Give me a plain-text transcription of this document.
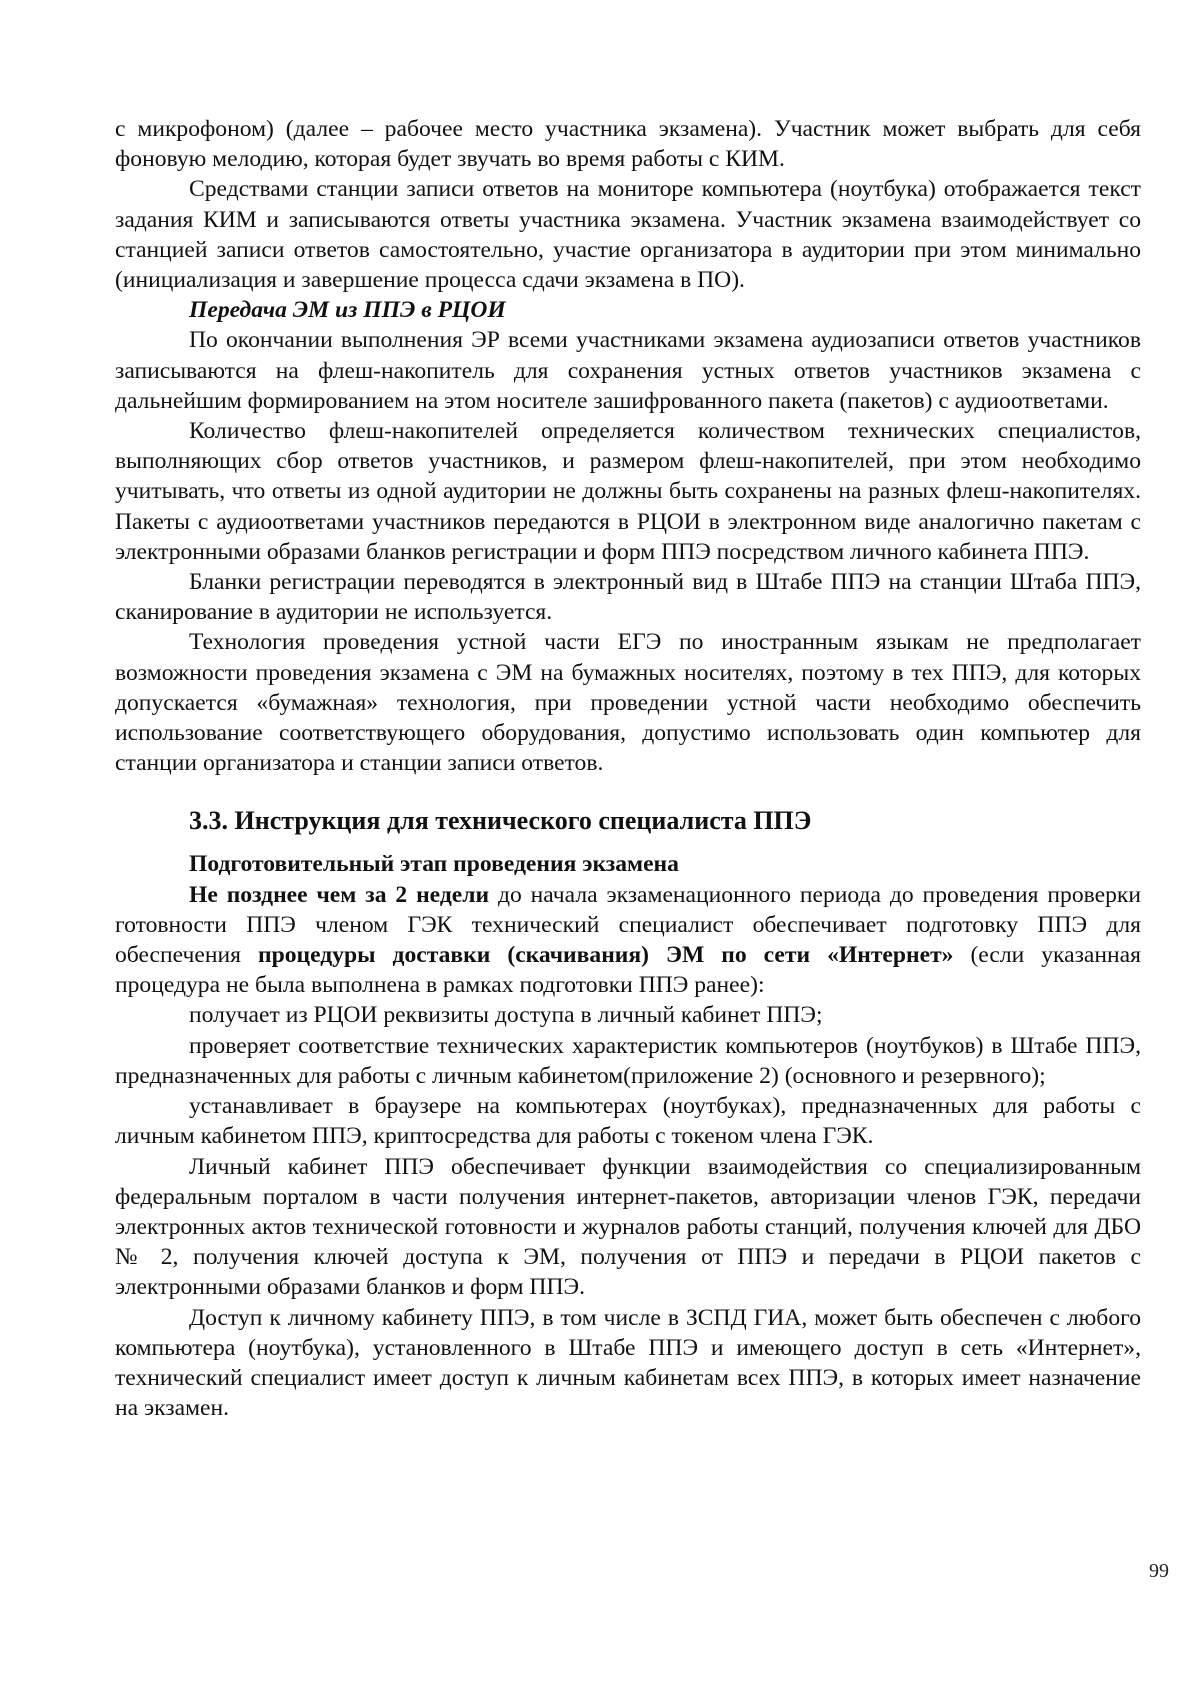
с микрофоном) (далее – рабочее место участника экзамена). Участник может выбрать для себя фоновую мелодию, которая будет звучать во время работы с КИМ.

Средствами станции записи ответов на мониторе компьютера (ноутбука) отображается текст задания КИМ и записываются ответы участника экзамена. Участник экзамена взаимодействует со станцией записи ответов самостоятельно, участие организатора в аудитории при этом минимально (инициализация и завершение процесса сдачи экзамена в ПО).

Передача ЭМ из ППЭ в РЦОИ

По окончании выполнения ЭР всеми участниками экзамена аудиозаписи ответов участников записываются на флеш-накопитель для сохранения устных ответов участников экзамена с дальнейшим формированием на этом носителе зашифрованного пакета (пакетов) с аудиоответами.

Количество флеш-накопителей определяется количеством технических специалистов, выполняющих сбор ответов участников, и размером флеш-накопителей, при этом необходимо учитывать, что ответы из одной аудитории не должны быть сохранены на разных флеш-накопителях. Пакеты с аудиоответами участников передаются в РЦОИ в электронном виде аналогично пакетам с электронными образами бланков регистрации и форм ППЭ посредством личного кабинета ППЭ.

Бланки регистрации переводятся в электронный вид в Штабе ППЭ на станции Штаба ППЭ, сканирование в аудитории не используется.

Технология проведения устной части ЕГЭ по иностранным языкам не предполагает возможности проведения экзамена с ЭМ на бумажных носителях, поэтому в тех ППЭ, для которых допускается «бумажная» технология, при проведении устной части необходимо обеспечить использование соответствующего оборудования, допустимо использовать один компьютер для станции организатора и станции записи ответов.

3.3. Инструкция для технического специалиста ППЭ
Подготовительный этап проведения экзамена

Не позднее чем за 2 недели до начала экзаменационного периода до проведения проверки готовности ППЭ членом ГЭК технический специалист обеспечивает подготовку ППЭ для обеспечения процедуры доставки (скачивания) ЭМ по сети «Интернет» (если указанная процедура не была выполнена в рамках подготовки ППЭ ранее):

получает из РЦОИ реквизиты доступа в личный кабинет ППЭ;

проверяет соответствие технических характеристик компьютеров (ноутбуков) в Штабе ППЭ, предназначенных для работы с личным кабинетом(приложение 2) (основного и резервного);

устанавливает в браузере на компьютерах (ноутбуках), предназначенных для работы с личным кабинетом ППЭ, криптосредства для работы с токеном члена ГЭК.

Личный кабинет ППЭ обеспечивает функции взаимодействия со специализированным федеральным порталом в части получения интернет-пакетов, авторизации членов ГЭК, передачи электронных актов технической готовности и журналов работы станций, получения ключей для ДБО № 2, получения ключей доступа к ЭМ, получения от ППЭ и передачи в РЦОИ пакетов с электронными образами бланков и форм ППЭ.

Доступ к личному кабинету ППЭ, в том числе в ЗСПД ГИА, может быть обеспечен с любого компьютера (ноутбука), установленного в Штабе ППЭ и имеющего доступ в сеть «Интернет», технический специалист имеет доступ к личным кабинетам всех ППЭ, в которых имеет назначение на экзамен.

99
